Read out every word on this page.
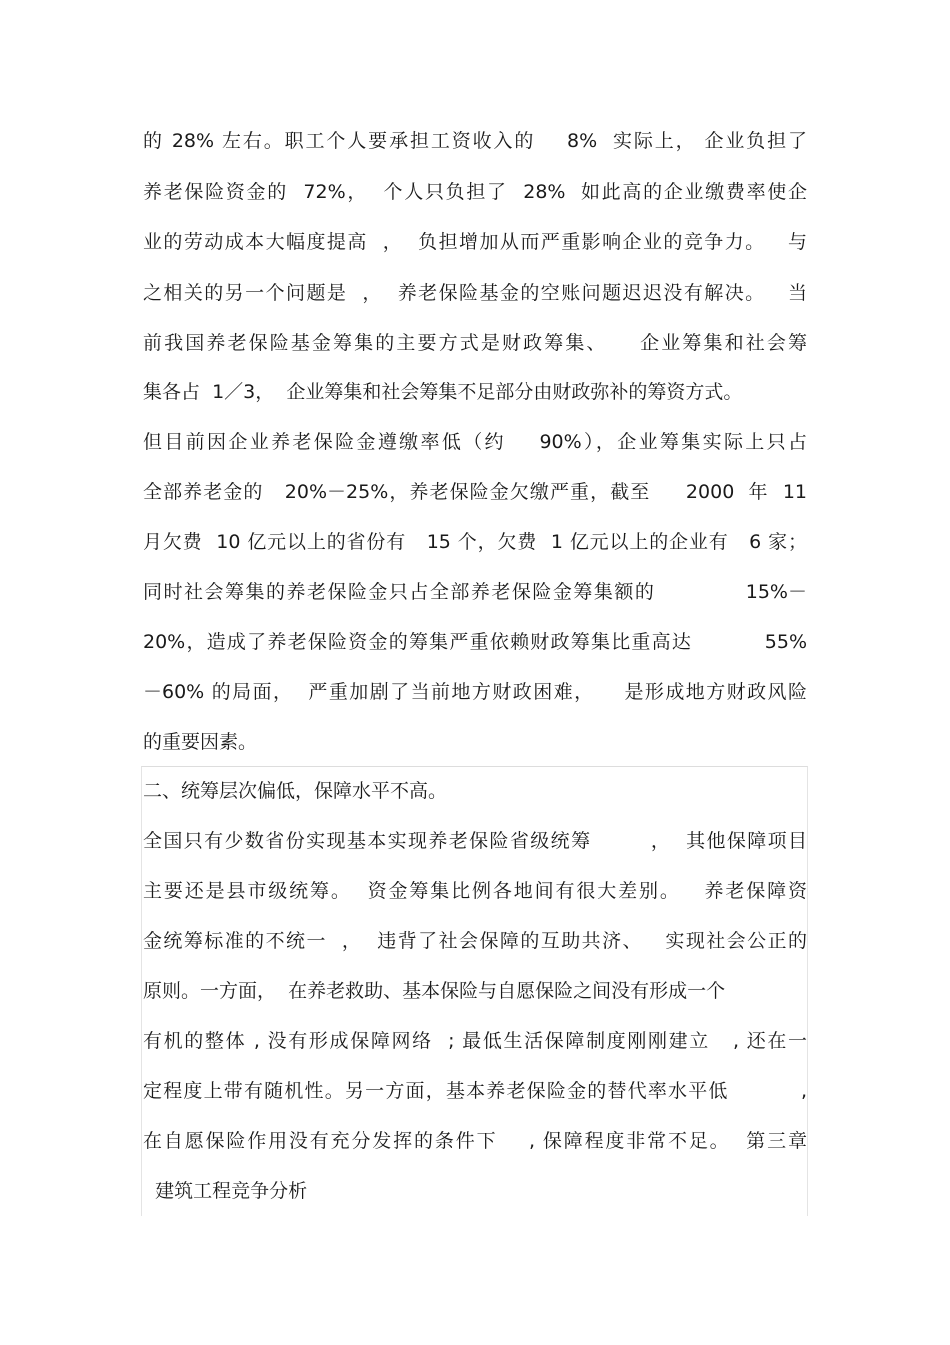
的 28% 左右。职工个人要承担工资收入的    8%  实际上， 企业负担了
养老保险资金的  72%，  个人只负担了  28%  如此高的企业缴费率使企
业的劳动成本大幅度提高  ，  负担增加从而严重影响企业的竞争力。   与
之相关的另一个问题是  ，  养老保险基金的空账问题迟迟没有解决。   当
前我国养老保险基金筹集的主要方式是财政筹集、    企业筹集和社会筹
集各占  1／3，  企业筹集和社会筹集不足部分由财政弥补的筹资方式。
但目前因企业养老保险金遵缴率低（约    90%），企业筹集实际上只占
全部养老金的   20%－25%，养老保险金欠缴严重，截至     2000  年  11
月欠费  10 亿元以上的省份有   15 个，欠费  1 亿元以上的企业有   6 家；
同时社会筹集的养老保险金只占全部养老保险金筹集额的            15%－
20%，造成了养老保险资金的筹集严重依赖财政筹集比重高达          55%
－60% 的局面，  严重加剧了当前地方财政困难，    是形成地方财政风险
的重要因素。
二、统筹层次偏低，保障水平不高。
全国只有少数省份实现基本实现养老保险省级统筹        ，  其他保障项目
主要还是县市级统筹。  资金筹集比例各地间有很大差别。   养老保障资
金统筹标准的不统一  ，  违背了社会保障的互助共济、   实现社会公正的
原则。一方面，  在养老救助、基本保险与自愿保险之间没有形成一个
有机的整体 , 没有形成保障网络  ; 最低生活保障制度刚刚建立   , 还在一
定程度上带有随机性。另一方面，基本养老保险金的替代率水平低          ,
在自愿保险作用没有充分发挥的条件下    , 保障程度非常不足。  第三章
建筑工程竞争分析
